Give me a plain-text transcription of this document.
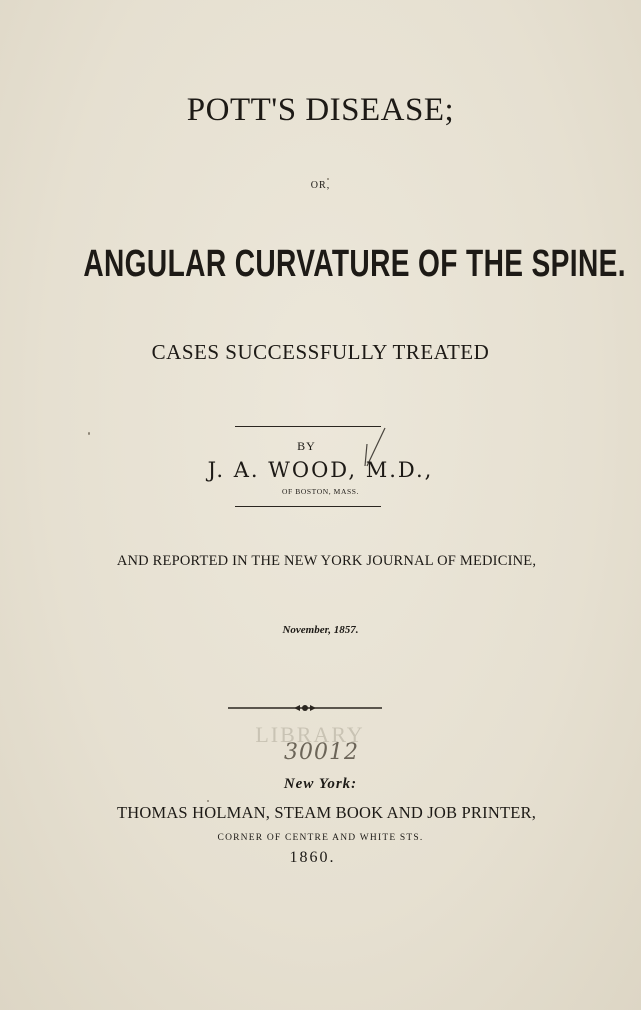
POTT'S DISEASE;
OR,
ANGULAR CURVATURE OF THE SPINE.
CASES SUCCESSFULLY TREATED
BY
J. A. WOOD, M.D.,
OF BOSTON, MASS.
AND REPORTED IN THE NEW YORK JOURNAL OF MEDICINE,
November, 1857.
LIBRARY
30012
New York:
THOMAS HOLMAN, STEAM BOOK AND JOB PRINTER,
CORNER OF CENTRE AND WHITE STS.
1860.
